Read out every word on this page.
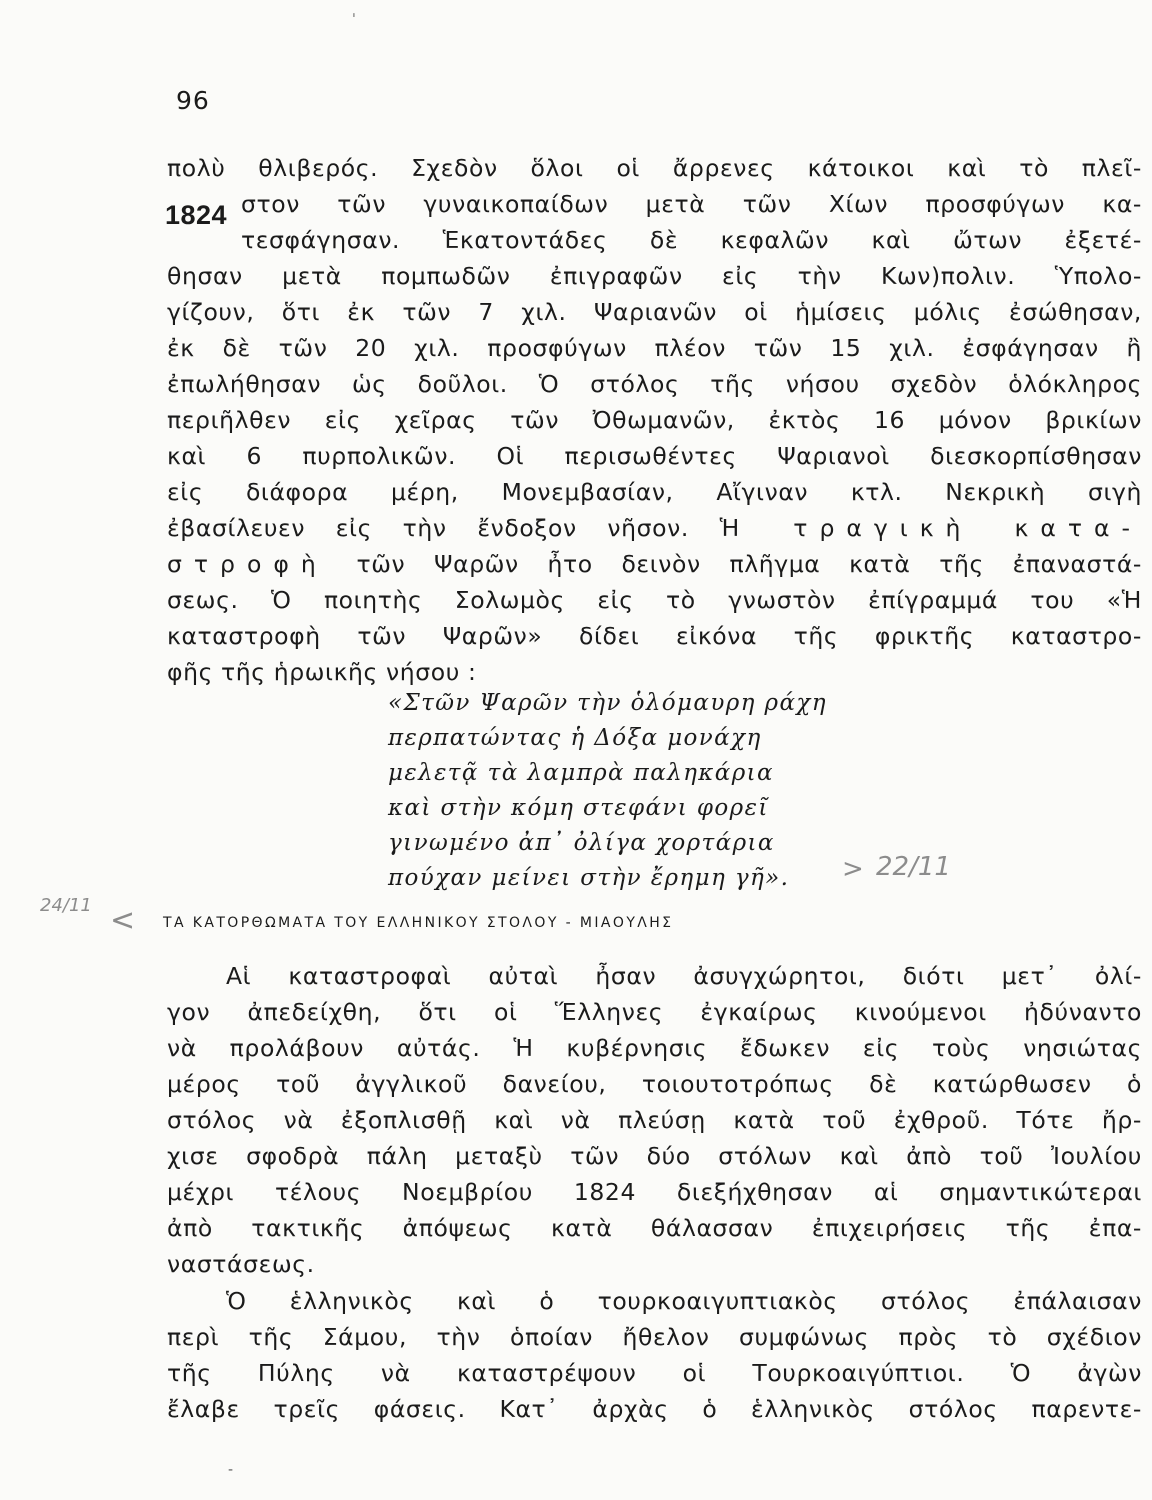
96
1824
πολὺ θλιβερός. Σχεδὸν ὅλοι οἱ ἄρρενες κάτοικοι καὶ τὸ πλεῖ-
στον τῶν γυναικοπαίδων μετὰ τῶν Χίων προσφύγων κα-
τεσφάγησαν. Ἑκατοντάδες δὲ κεφαλῶν καὶ ὤτων ἐξετέ-
θησαν μετὰ πομπωδῶν ἐπιγραφῶν εἰς τὴν Κων)πολιν. Ὑπολο-
γίζουν, ὅτι ἐκ τῶν 7 χιλ. Ψαριανῶν οἱ ἡμίσεις μόλις ἐσώθησαν,
ἐκ δὲ τῶν 20 χιλ. προσφύγων πλέον τῶν 15 χιλ. ἐσφάγησαν ἢ
ἐπωλήθησαν ὡς δοῦλοι. Ὁ στόλος τῆς νήσου σχεδὸν ὁλόκληρος
περιῆλθεν εἰς χεῖρας τῶν Ὀθωμανῶν, ἐκτὸς 16 μόνον βρικίων
καὶ 6 πυρπολικῶν. Οἱ περισωθέντες Ψαριανοὶ διεσκορπίσθησαν
εἰς διάφορα μέρη, Μονεμβασίαν, Αἴγιναν κτλ. Νεκρικὴ σιγὴ
ἐβασίλευεν εἰς τὴν ἔνδοξον νῆσον. Ἡ τραγικὴ κατα-
στροφὴ τῶν Ψαρῶν ἦτο δεινὸν πλῆγμα κατὰ τῆς ἐπαναστά-
σεως. Ὁ ποιητὴς Σολωμὸς εἰς τὸ γνωστὸν ἐπίγραμμά του «Ἡ
καταστροφὴ τῶν Ψαρῶν» δίδει εἰκόνα τῆς φρικτῆς καταστρο-
φῆς τῆς ἡρωικῆς νήσου :
«Στῶν Ψαρῶν τὴν ὁλόμαυρη ράχη
περπατώντας ἡ Δόξα μονάχη
μελετᾷ τὰ λαμπρὰ παληκάρια
καὶ στὴν κόμη στεφάνι φορεῖ
γινωμένο ἀπ᾽ ὀλίγα χορτάρια
πούχαν μείνει στὴν ἔρημη γῆ». > 22/11
24/11 < ΤΑ ΚΑΤΟΡΘΩΜΑΤΑ ΤΟΥ ΕΛΛΗΝΙΚΟΥ ΣΤΟΛΟΥ - ΜΙΑΟΥΛΗΣ
Αἱ καταστροφαὶ αὐταὶ ἦσαν ἀσυγχώρητοι, διότι μετ᾽ ὀλί-
γον ἀπεδείχθη, ὅτι οἱ Ἕλληνες ἐγκαίρως κινούμενοι ἠδύναντο
νὰ προλάβουν αὐτάς. Ἡ κυβέρνησις ἔδωκεν εἰς τοὺς νησιώτας
μέρος τοῦ ἀγγλικοῦ δανείου, τοιουτοτρόπως δὲ κατώρθωσεν ὁ
στόλος νὰ ἐξοπλισθῇ καὶ νὰ πλεύσῃ κατὰ τοῦ ἐχθροῦ. Τότε ἤρ-
χισε σφοδρὰ πάλη μεταξὺ τῶν δύο στόλων καὶ ἀπὸ τοῦ Ἰουλίου
μέχρι τέλους Νοεμβρίου 1824 διεξήχθησαν αἱ σημαντικώτεραι
ἀπὸ τακτικῆς ἀπόψεως κατὰ θάλασσαν ἐπιχειρήσεις τῆς ἐπα-
ναστάσεως.
Ὁ ἑλληνικὸς καὶ ὁ τουρκοαιγυπτιακὸς στόλος ἐπάλαισαν
περὶ τῆς Σάμου, τὴν ὁποίαν ἤθελον συμφώνως πρὸς τὸ σχέδιον
τῆς Πύλης νὰ καταστρέψουν οἱ Τουρκοαιγύπτιοι. Ὁ ἀγὼν
ἔλαβε τρεῖς φάσεις. Κατ᾽ ἀρχὰς ὁ ἑλληνικὸς στόλος παρεντε-
ˈ
‐
